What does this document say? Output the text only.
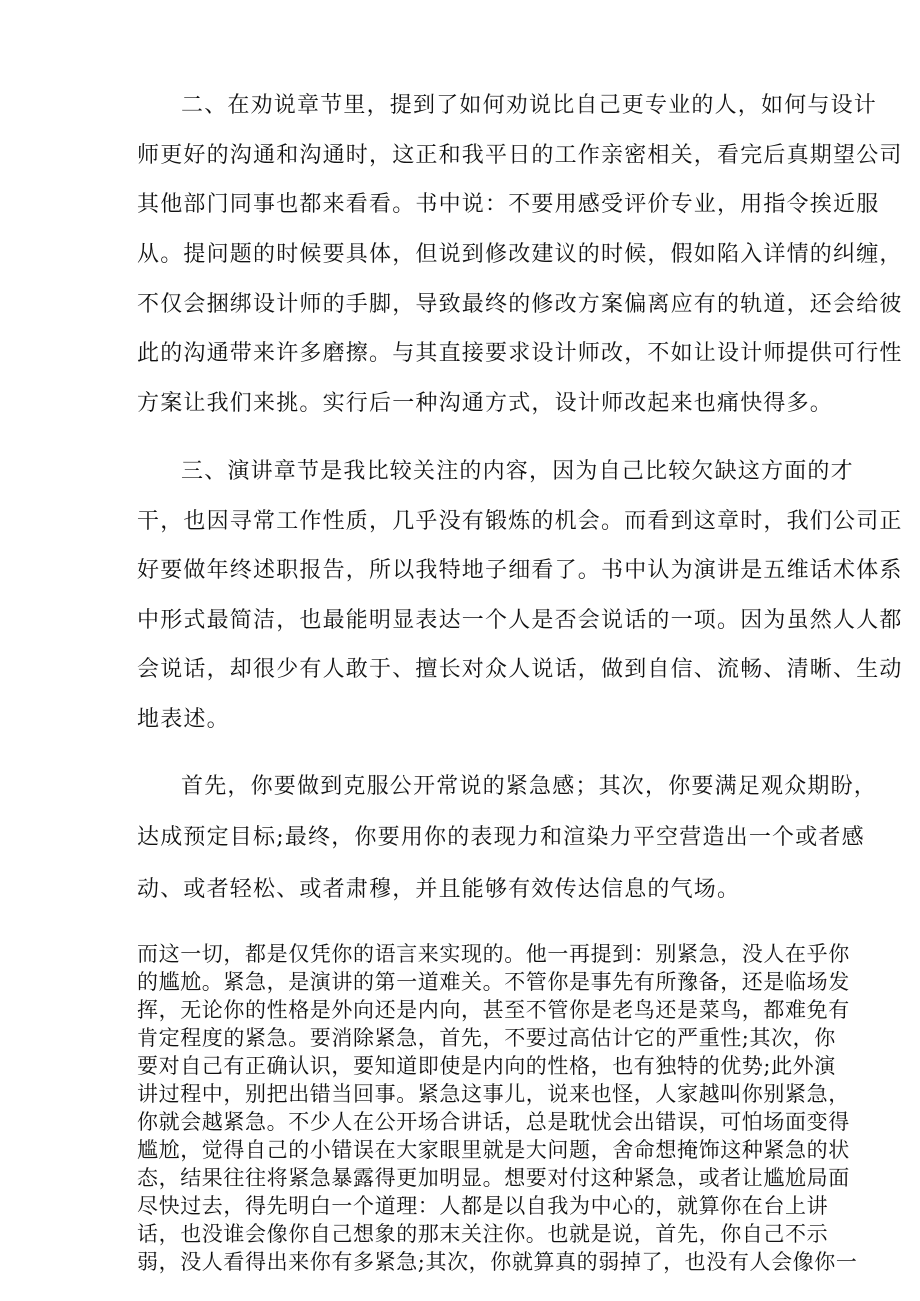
二、在劝说章节里，提到了如何劝说比自己更专业的人，如何与设计
师更好的沟通和沟通时，这正和我平日的工作亲密相关，看完后真期望公司
其他部门同事也都来看看。书中说：不要用感受评价专业，用指令挨近服
从。提问题的时候要具体，但说到修改建议的时候，假如陷入详情的纠缠，
不仅会捆绑设计师的手脚，导致最终的修改方案偏离应有的轨道，还会给彼
此的沟通带来许多磨擦。与其直接要求设计师改，不如让设计师提供可行性
方案让我们来挑。实行后一种沟通方式，设计师改起来也痛快得多。
三、演讲章节是我比较关注的内容，因为自己比较欠缺这方面的才
干，也因寻常工作性质，几乎没有锻炼的机会。而看到这章时，我们公司正
好要做年终述职报告，所以我特地子细看了。书中认为演讲是五维话术体系
中形式最简洁，也最能明显表达一个人是否会说话的一项。因为虽然人人都
会说话，却很少有人敢于、擅长对众人说话，做到自信、流畅、清晰、生动
地表述。
首先，你要做到克服公开常说的紧急感；其次，你要满足观众期盼，
达成预定目标;最终，你要用你的表现力和渲染力平空营造出一个或者感
动、或者轻松、或者肃穆，并且能够有效传达信息的气场。
而这一切，都是仅凭你的语言来实现的。他一再提到：别紧急，没人在乎你
的尴尬。紧急，是演讲的第一道难关。不管你是事先有所豫备，还是临场发
挥，无论你的性格是外向还是内向，甚至不管你是老鸟还是菜鸟，都难免有
肯定程度的紧急。要消除紧急，首先，不要过高估计它的严重性;其次，你
要对自己有正确认识，要知道即使是内向的性格，也有独特的优势;此外演
讲过程中，别把出错当回事。紧急这事儿，说来也怪，人家越叫你别紧急，
你就会越紧急。不少人在公开场合讲话，总是耽忧会出错误，可怕场面变得
尴尬，觉得自己的小错误在大家眼里就是大问题，舍命想掩饰这种紧急的状
态，结果往往将紧急暴露得更加明显。想要对付这种紧急，或者让尴尬局面
尽快过去，得先明白一个道理：人都是以自我为中心的，就算你在台上讲
话，也没谁会像你自己想象的那末关注你。也就是说，首先，你自己不示
弱，没人看得出来你有多紧急;其次，你就算真的弱掉了，也没有人会像你一
